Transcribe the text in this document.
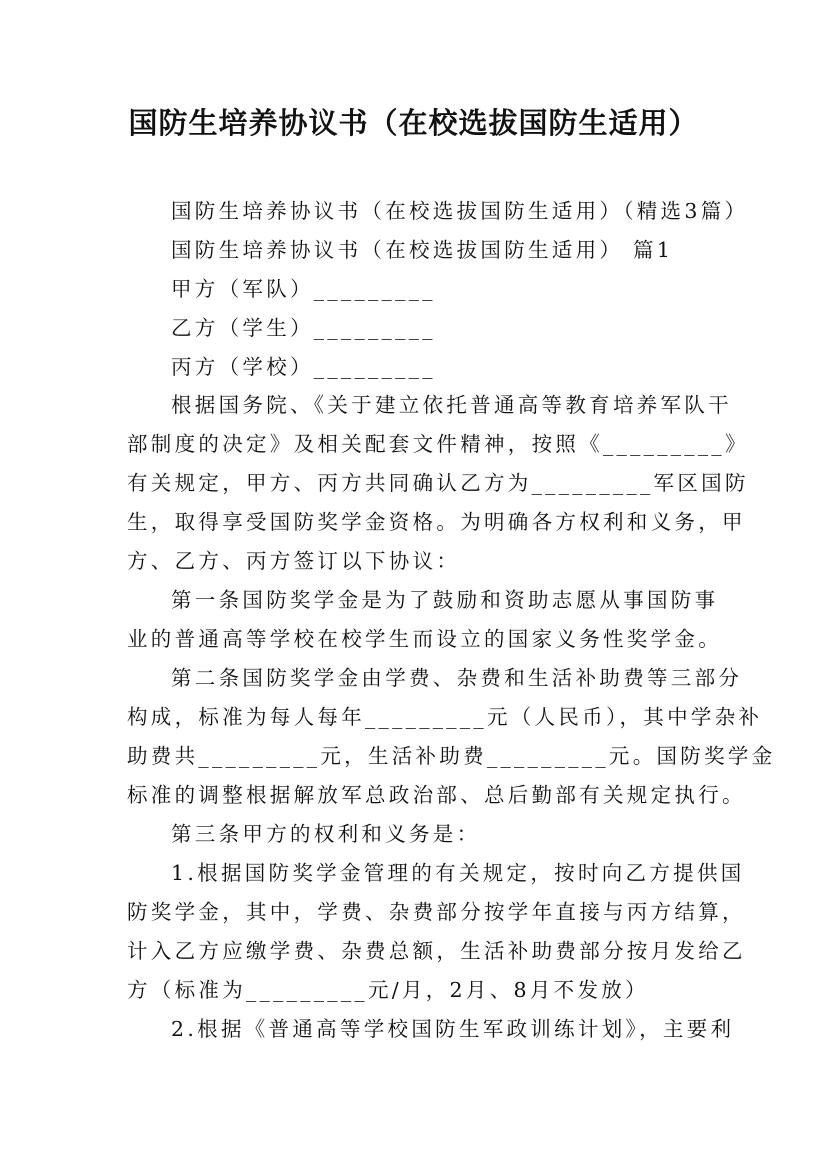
国防生培养协议书（在校选拔国防生适用）
国防生培养协议书（在校选拔国防生适用）（精选3篇）
国防生培养协议书（在校选拔国防生适用） 篇1
甲方（军队）_________
乙方（学生）_________
丙方（学校）_________
根据国务院、《关于建立依托普通高等教育培养军队干
部制度的决定》及相关配套文件精神，按照《_________》
有关规定，甲方、丙方共同确认乙方为_________军区国防
生，取得享受国防奖学金资格。为明确各方权利和义务，甲
方、乙方、丙方签订以下协议：
第一条国防奖学金是为了鼓励和资助志愿从事国防事
业的普通高等学校在校学生而设立的国家义务性奖学金。
第二条国防奖学金由学费、杂费和生活补助费等三部分
构成，标准为每人每年_________元（人民币），其中学杂补
助费共_________元，生活补助费_________元。国防奖学金
标准的调整根据解放军总政治部、总后勤部有关规定执行。
第三条甲方的权利和义务是：
1.根据国防奖学金管理的有关规定，按时向乙方提供国
防奖学金，其中，学费、杂费部分按学年直接与丙方结算，
计入乙方应缴学费、杂费总额，生活补助费部分按月发给乙
方（标准为_________元/月，2月、8月不发放）
2.根据《普通高等学校国防生军政训练计划》，主要利
